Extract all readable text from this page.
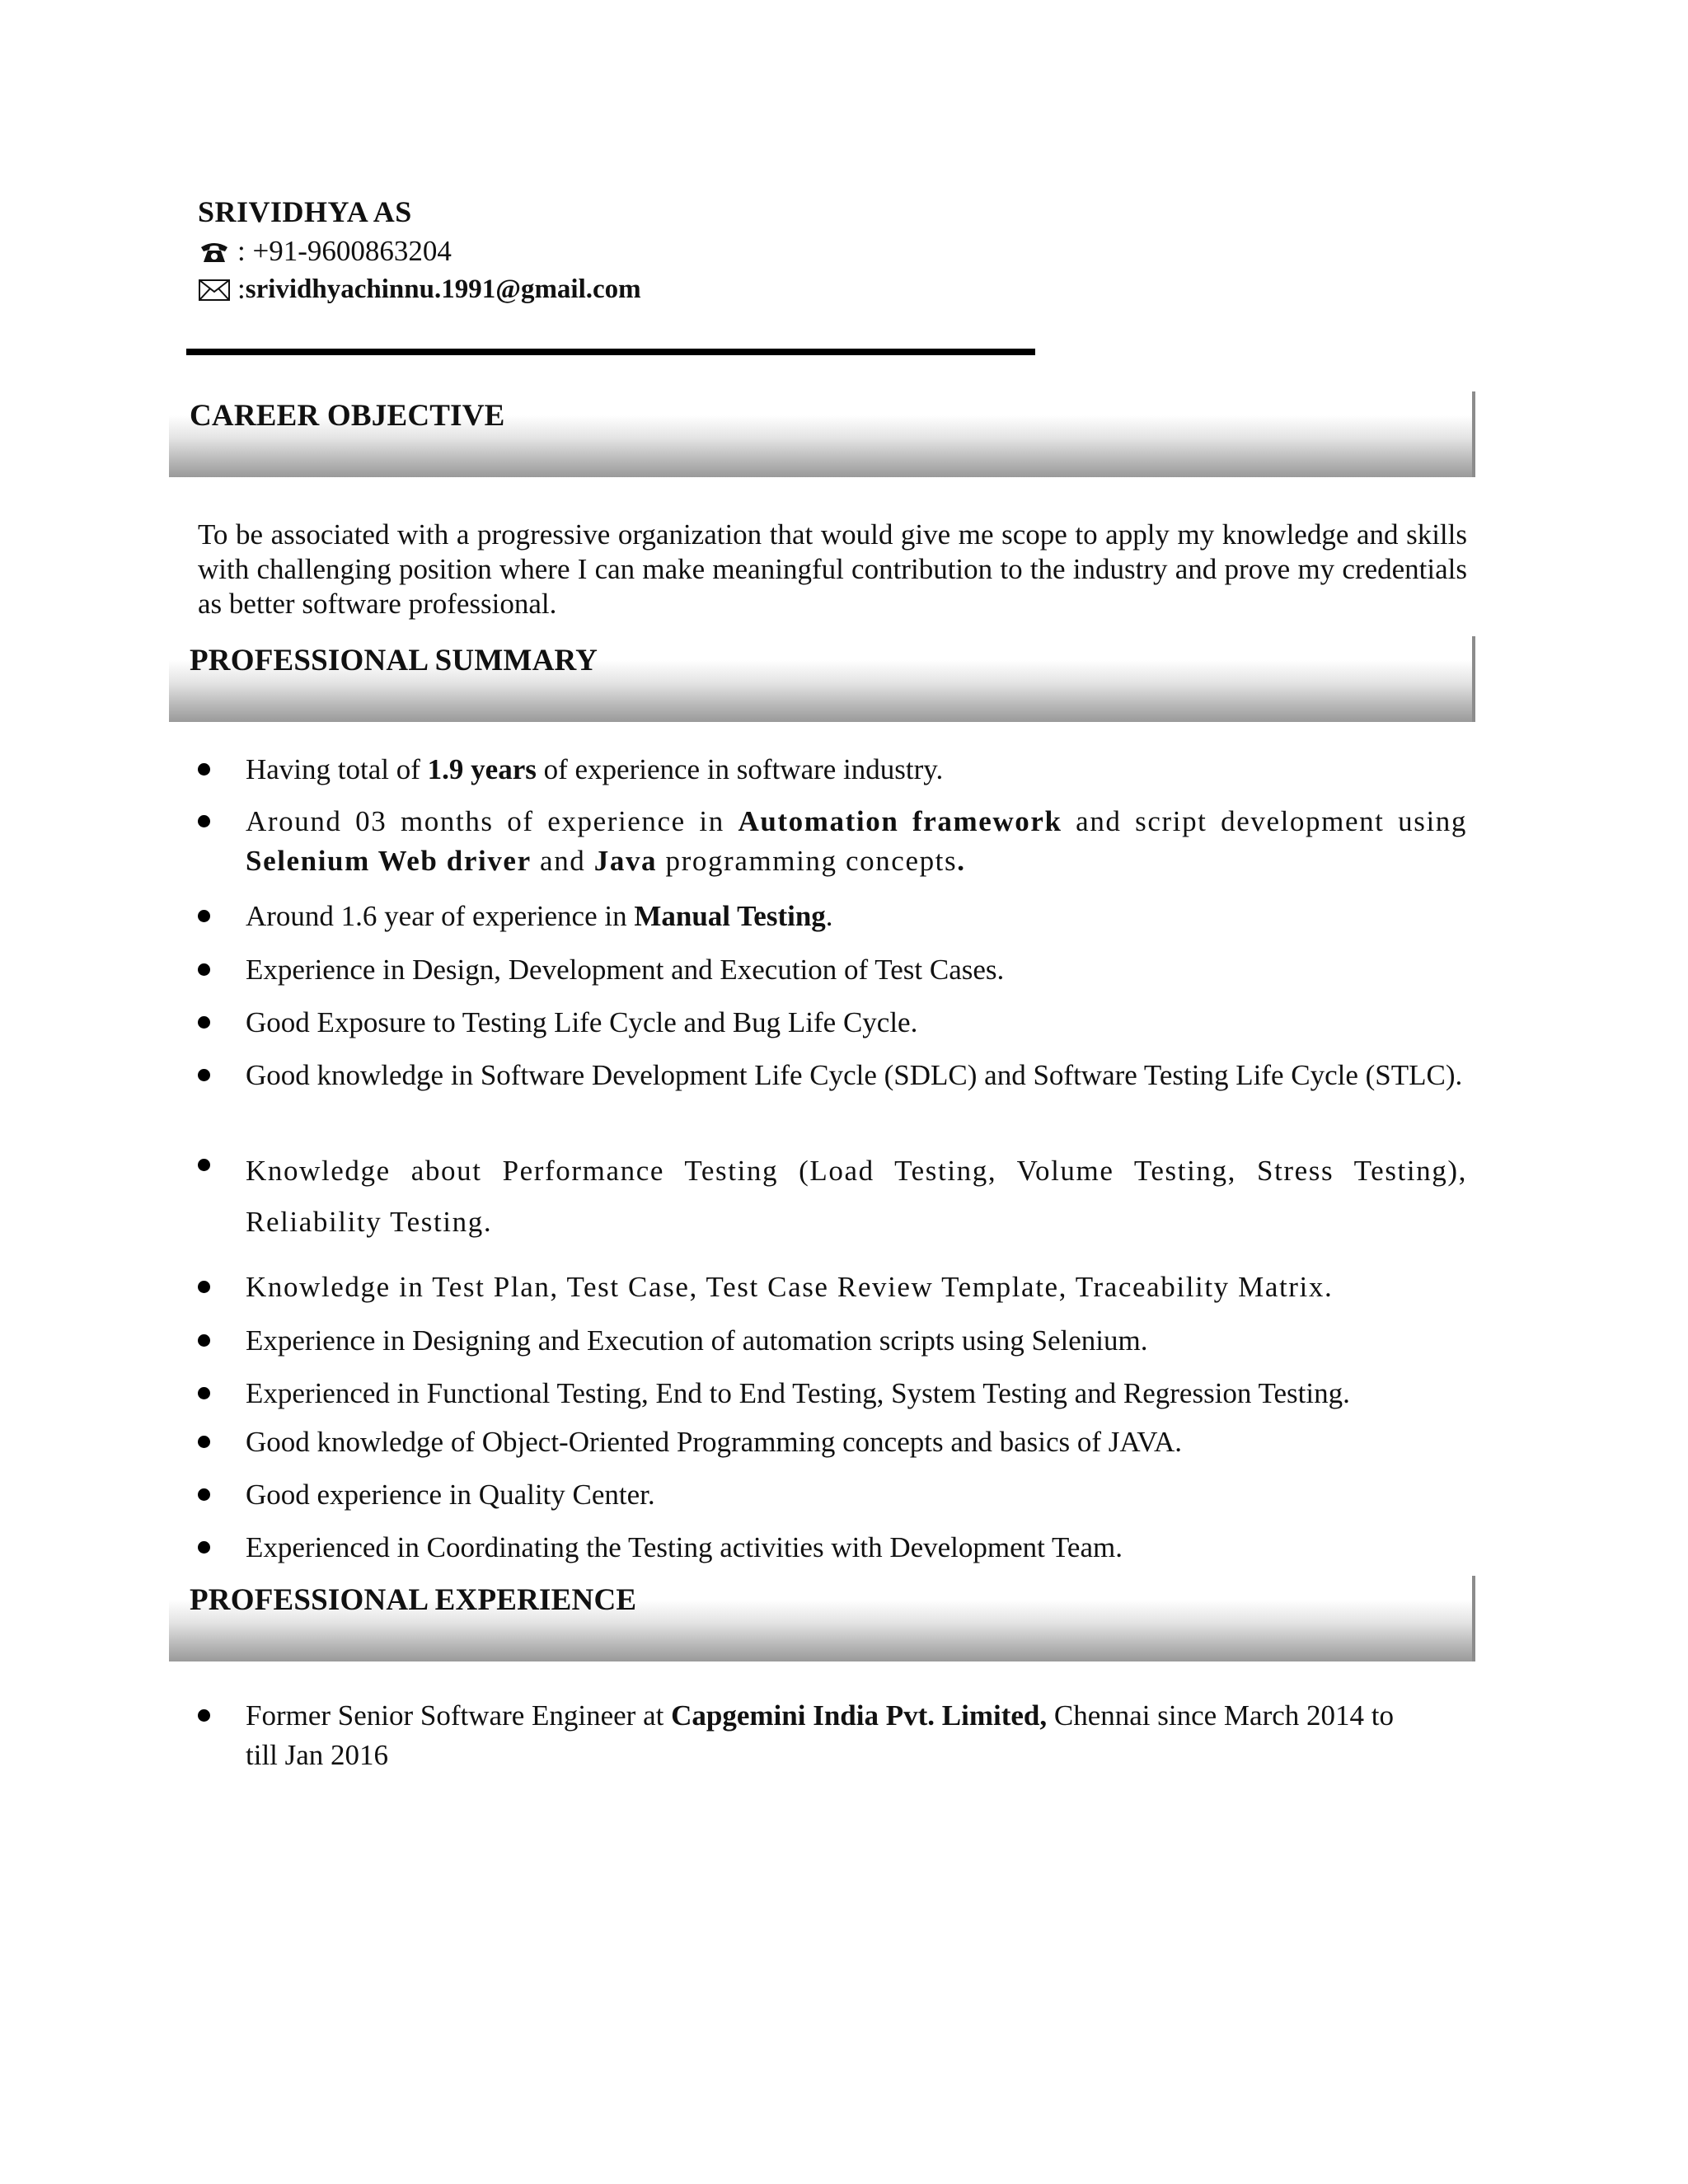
SRIVIDHYA AS
: +91-9600863204
: srividhyachinnu.1991@gmail.com
CAREER OBJECTIVE
To be associated with a progressive organization that would give me scope to apply my knowledge and skills with challenging position where I can make meaningful contribution to the industry and prove my credentials as better software professional.
PROFESSIONAL SUMMARY
Having total of 1.9 years of experience in software industry.
Around 03 months of experience in Automation framework and script development using Selenium Web driver and Java programming concepts.
Around 1.6 year of experience in Manual Testing.
Experience in Design, Development and Execution of Test Cases.
Good Exposure to Testing Life Cycle and Bug Life Cycle.
Good knowledge in Software Development Life Cycle (SDLC) and Software Testing Life Cycle (STLC).
Knowledge about Performance Testing (Load Testing, Volume Testing, Stress Testing), Reliability Testing.
Knowledge in Test Plan, Test Case, Test Case Review Template, Traceability Matrix.
Experience in Designing and Execution of automation scripts using Selenium.
Experienced in Functional Testing, End to End Testing, System Testing and Regression Testing.
Good knowledge of Object-Oriented Programming concepts and basics of JAVA.
Good experience in Quality Center.
Experienced in Coordinating the Testing activities with Development Team.
PROFESSIONAL EXPERIENCE
Former Senior Software Engineer at Capgemini India Pvt. Limited, Chennai since March 2014 to till Jan 2016
